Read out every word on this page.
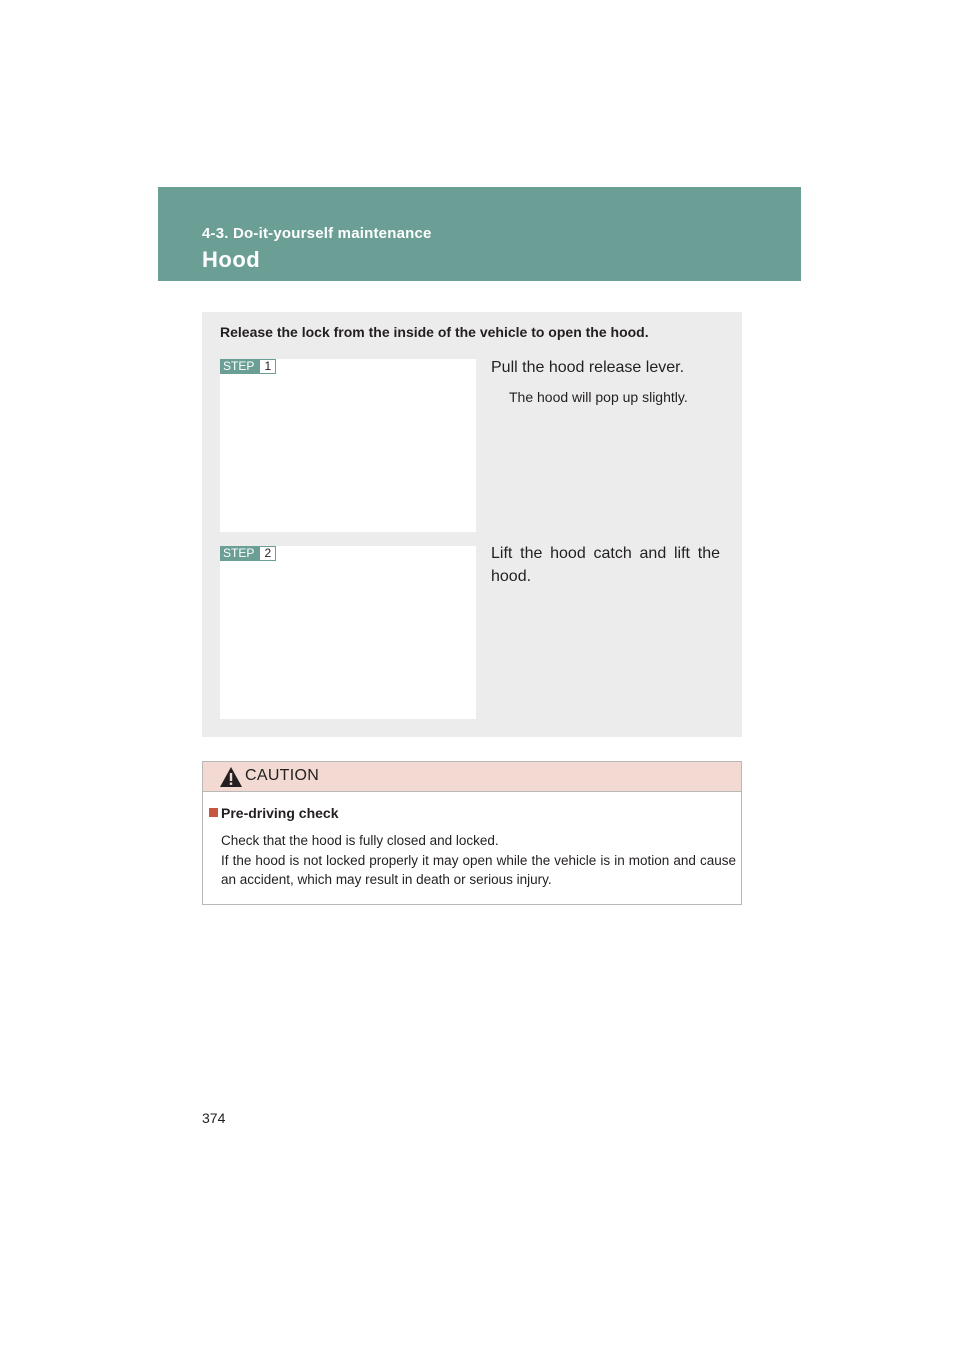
4-3. Do-it-yourself maintenance
Hood
Release the lock from the inside of the vehicle to open the hood.
STEP 1	Pull the hood release lever.
The hood will pop up slightly.
STEP 2	Lift the hood catch and lift the hood.
CAUTION
Pre-driving check

Check that the hood is fully closed and locked.

If the hood is not locked properly it may open while the vehicle is in motion and cause an accident, which may result in death or serious injury.

374
